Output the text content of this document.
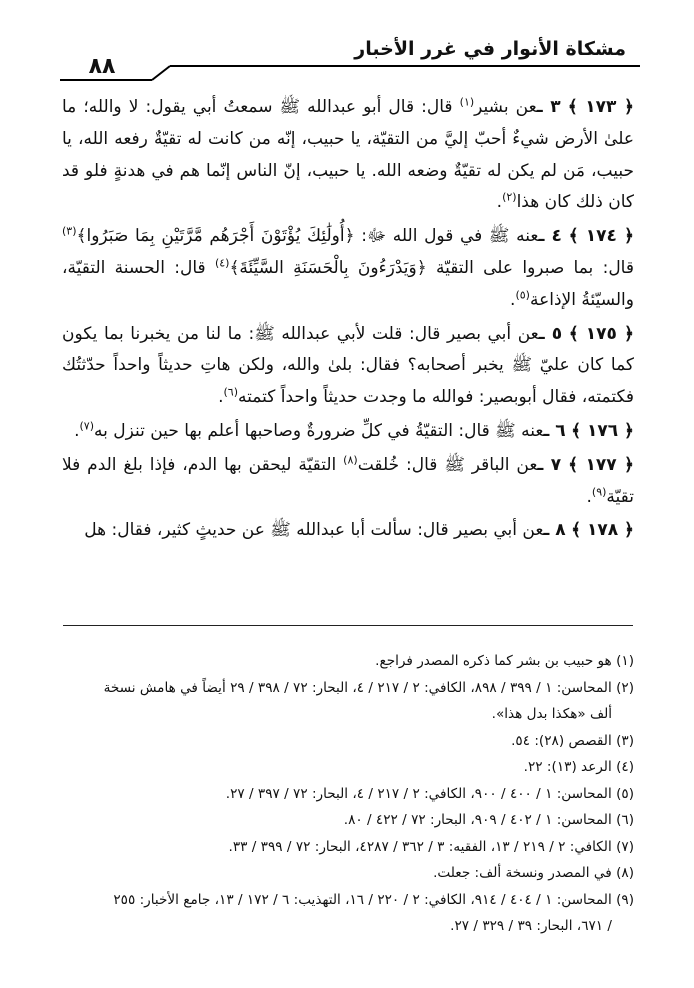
٨٨
مشكاة الأنوار في غرر الأخبار

﴿ ١٧٣ ﴾ ٣ ـعن بشير$^{(١)}$ قال: قال أبو عبدالله ﷺ سمعتُ أبي يقول: لا والله؛ ما علىٰ الأرض شيءٌ أحبّ إليَّ من التقيّة، يا حبيب، إنّه من كانت له تقيّةٌ رفعه الله، يا حبيب، مَن لم يكن له تقيّةٌ وضعه الله. يا حبيب، إنّ الناس إنّما هم في هدنةٍ فلو قد كان ذلك كان هذا$^{(٢)}$.

﴿ ١٧٤ ﴾ ٤ ـعنه ﷺ في قول الله ﷻ: ﴿أُولَٰئِكَ يُؤْتَوْنَ أَجْرَهُم مَّرَّتَيْنِ بِمَا صَبَرُوا﴾$^{(٣)}$ قال: بما صبروا على التقيّة ﴿وَيَدْرَءُونَ بِالْحَسَنَةِ السَّيِّئَةَ﴾$^{(٤)}$ قال: الحسنة التقيّة، والسيّئةُ الإذاعة$^{(٥)}$.

﴿ ١٧٥ ﴾ ٥ ـعن أبي بصير قال: قلت لأبي عبدالله ﷺ: ما لنا من يخبرنا بما يكون كما كان عليّ ﷺ يخبر أصحابه؟ فقال: بلىٰ والله، ولكن هاتِ حديثاً واحداً حدّثتُك فكتمته، فقال أبوبصير: فوالله ما وجدت حديثاً واحداً كتمته$^{(٦)}$.

﴿ ١٧٦ ﴾ ٦ ـعنه ﷺ قال: التقيّةُ في كلِّ ضرورةٌ وصاحبها أعلم بها حين تنزل به$^{(٧)}$.

﴿ ١٧٧ ﴾ ٧ ـعن الباقر ﷺ قال: خُلقت$^{(٨)}$ التقيّة ليحقن بها الدم، فإذا بلغ الدم فلا تقيّة$^{(٩)}$.

﴿ ١٧٨ ﴾ ٨ ـعن أبي بصير قال: سألت أبا عبدالله ﷺ عن حديثٍ كثير، فقال: هل

(١) هو حبيب بن بشر كما ذكره المصدر فراجع.

(٢) المحاسن: ١ / ٣٩٩ / ٨٩٨، الكافي: ٢ / ٢١٧ / ٤، البحار: ٧٢ / ٣٩٨ / ٢٩ أيضاً في هامش نسخة

ألف «هكذا بدل هذا».

(٣) القصص (٢٨): ٥٤.

(٤) الرعد (١٣): ٢٢.

(٥) المحاسن: ١ / ٤٠٠ / ٩٠٠، الكافي: ٢ / ٢١٧ / ٤، البحار: ٧٢ / ٣٩٧ / ٢٧.

(٦) المحاسن: ١ / ٤٠٢ / ٩٠٩، البحار: ٧٢ / ٤٢٢ / ٨٠.

(٧) الكافي: ٢ / ٢١٩ / ١٣، الفقيه: ٣ / ٣٦٢ / ٤٢٨٧، البحار: ٧٢ / ٣٩٩ / ٣٣.

(٨) في المصدر ونسخة ألف: جعلت.

(٩) المحاسن: ١ / ٤٠٤ / ٩١٤، الكافي: ٢ / ٢٢٠ / ١٦، التهذيب: ٦ / ١٧٢ / ١٣، جامع الأخبار: ٢٥٥

/ ٦٧١، البحار: ٣٩ / ٣٢٩ / ٢٧.
